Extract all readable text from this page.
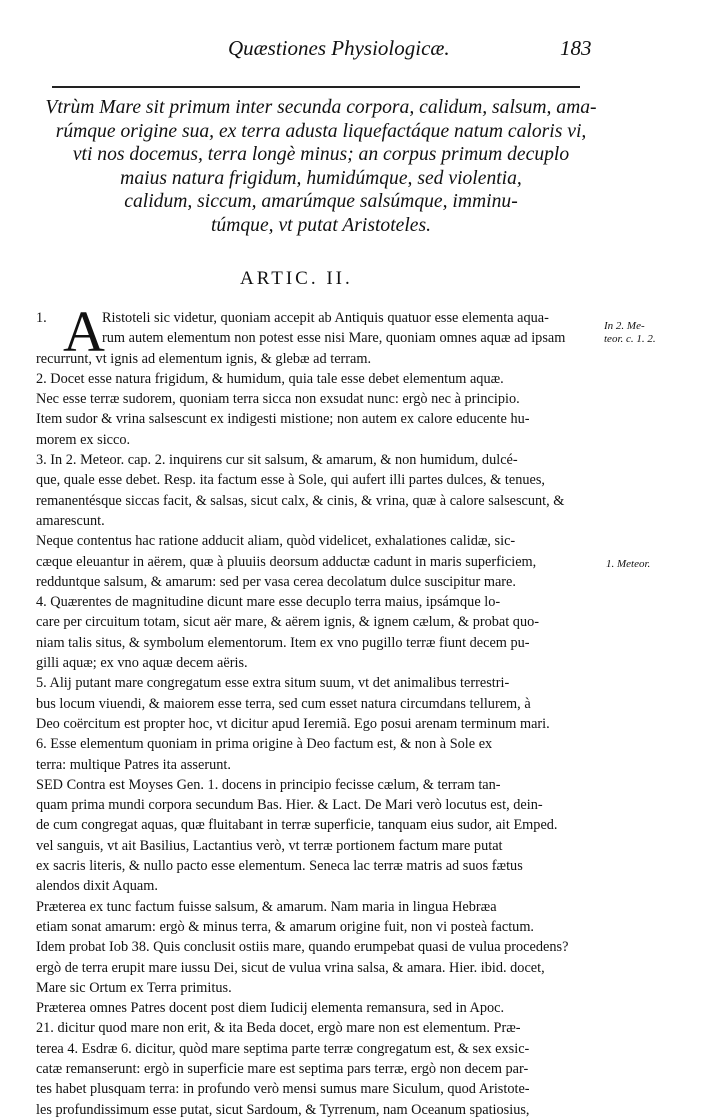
Quæstiones Physiologicæ.	183
Vtrùm Mare sit primum inter secunda corpora, calidum, salsum, ama-
rúmque origine sua, ex terra adusta liquefactáque natum caloris vi,
vti nos docemus, terra longè minus; an corpus primum decuplo
maius natura frigidum, humidúmque, sed violentia,
calidum, siccum, amarúmque salsúmque, imminu-
túmque, vt putat Aristoteles.
ARTIC. II.
A
1.	Ristoteli sic videtur, quoniam accepit ab Antiquis quatuor esse elementa aqua-
rum autem elementum non potest esse nisi Mare, quoniam omnes aquæ ad ipsam
recurrunt, vt ignis ad elementum ignis, & glebæ ad terram.
2. Docet esse natura frigidum, & humidum, quia tale esse debet elementum aquæ.
Nec esse terræ sudorem, quoniam terra sicca non exsudat nunc: ergò nec à principio.
Item sudor & vrina salsescunt ex indigesti mistione; non autem ex calore educente hu-
morem ex sicco.
3. In 2. Meteor. cap. 2. inquirens cur sit salsum, & amarum, & non humidum, dulcé-
que, quale esse debet. Resp. ita factum esse à Sole, qui aufert illi partes dulces, & tenues,
remanentésque siccas facit, & salsas, sicut calx, & cinis, & vrina, quæ à calore salsescunt, &
amarescunt.
Neque contentus hac ratione adducit aliam, quòd videlicet, exhalationes calidæ, sic-
cæque eleuantur in aërem, quæ à pluuiis deorsum adductæ cadunt in maris superficiem,
redduntque salsum, & amarum: sed per vasa cerea decolatum dulce suscipitur mare.
4. Quærentes de magnitudine dicunt mare esse decuplo terra maius, ipsámque lo-
care per circuitum totam, sicut aër mare, & aërem ignis, & ignem cælum, & probat quo-
niam talis situs, & symbolum elementorum. Item ex vno pugillo terræ fiunt decem pu-
gilli aquæ; ex vno aquæ decem aëris.
5. Alij putant mare congregatum esse extra situm suum, vt det animalibus terrestri-
bus locum viuendi, & maiorem esse terra, sed cum esset natura circumdans tellurem, à
Deo coërcitum est propter hoc, vt dicitur apud Ieremiã. Ego posui arenam terminum mari.
6. Esse elementum quoniam in prima origine à Deo factum est, & non à Sole ex
terra: multique Patres ita asserunt.
SED Contra est Moyses Gen. 1. docens in principio fecisse cælum, & terram tan-
quam prima mundi corpora secundum Bas. Hier. & Lact. De Mari verò locutus est, dein-
de cum congregat aquas, quæ fluitabant in terræ superficie, tanquam eius sudor, ait Emped.
vel sanguis, vt ait Basilius, Lactantius verò, vt terræ portionem factum mare putat
ex sacris literis, & nullo pacto esse elementum. Seneca lac terræ matris ad suos fætus
alendos dixit Aquam.
Præterea ex tunc factum fuisse salsum, & amarum. Nam maria in lingua Hebræa
etiam sonat amarum: ergò & minus terra, & amarum origine fuit, non vi posteà factum.
Idem probat Iob 38. Quis conclusit ostiis mare, quando erumpebat quasi de vulua procedens?
ergò de terra erupit mare iussu Dei, sicut de vulua vrina salsa, & amara. Hier. ibid. docet,
Mare sic Ortum ex Terra primitus.
Præterea omnes Patres docent post diem Iudicij elementa remansura, sed in Apoc.
21. dicitur quod mare non erit, & ita Beda docet, ergò mare non est elementum. Præ-
terea 4. Esdræ 6. dicitur, quòd mare septima parte terræ congregatum est, & sex exsic-
catæ remanserunt: ergò in superficie mare est septima pars terræ, ergò non decem par-
tes habet plusquam terra: in profundo verò mensi sumus mare Siculum, quod Aristote-
les profundissimum esse putat, sicut Sardoum, & Tyrrenum, nam Oceanum spatiosius,
In 2. Me-
teor. c. 1. 2.
1. Meteor.
